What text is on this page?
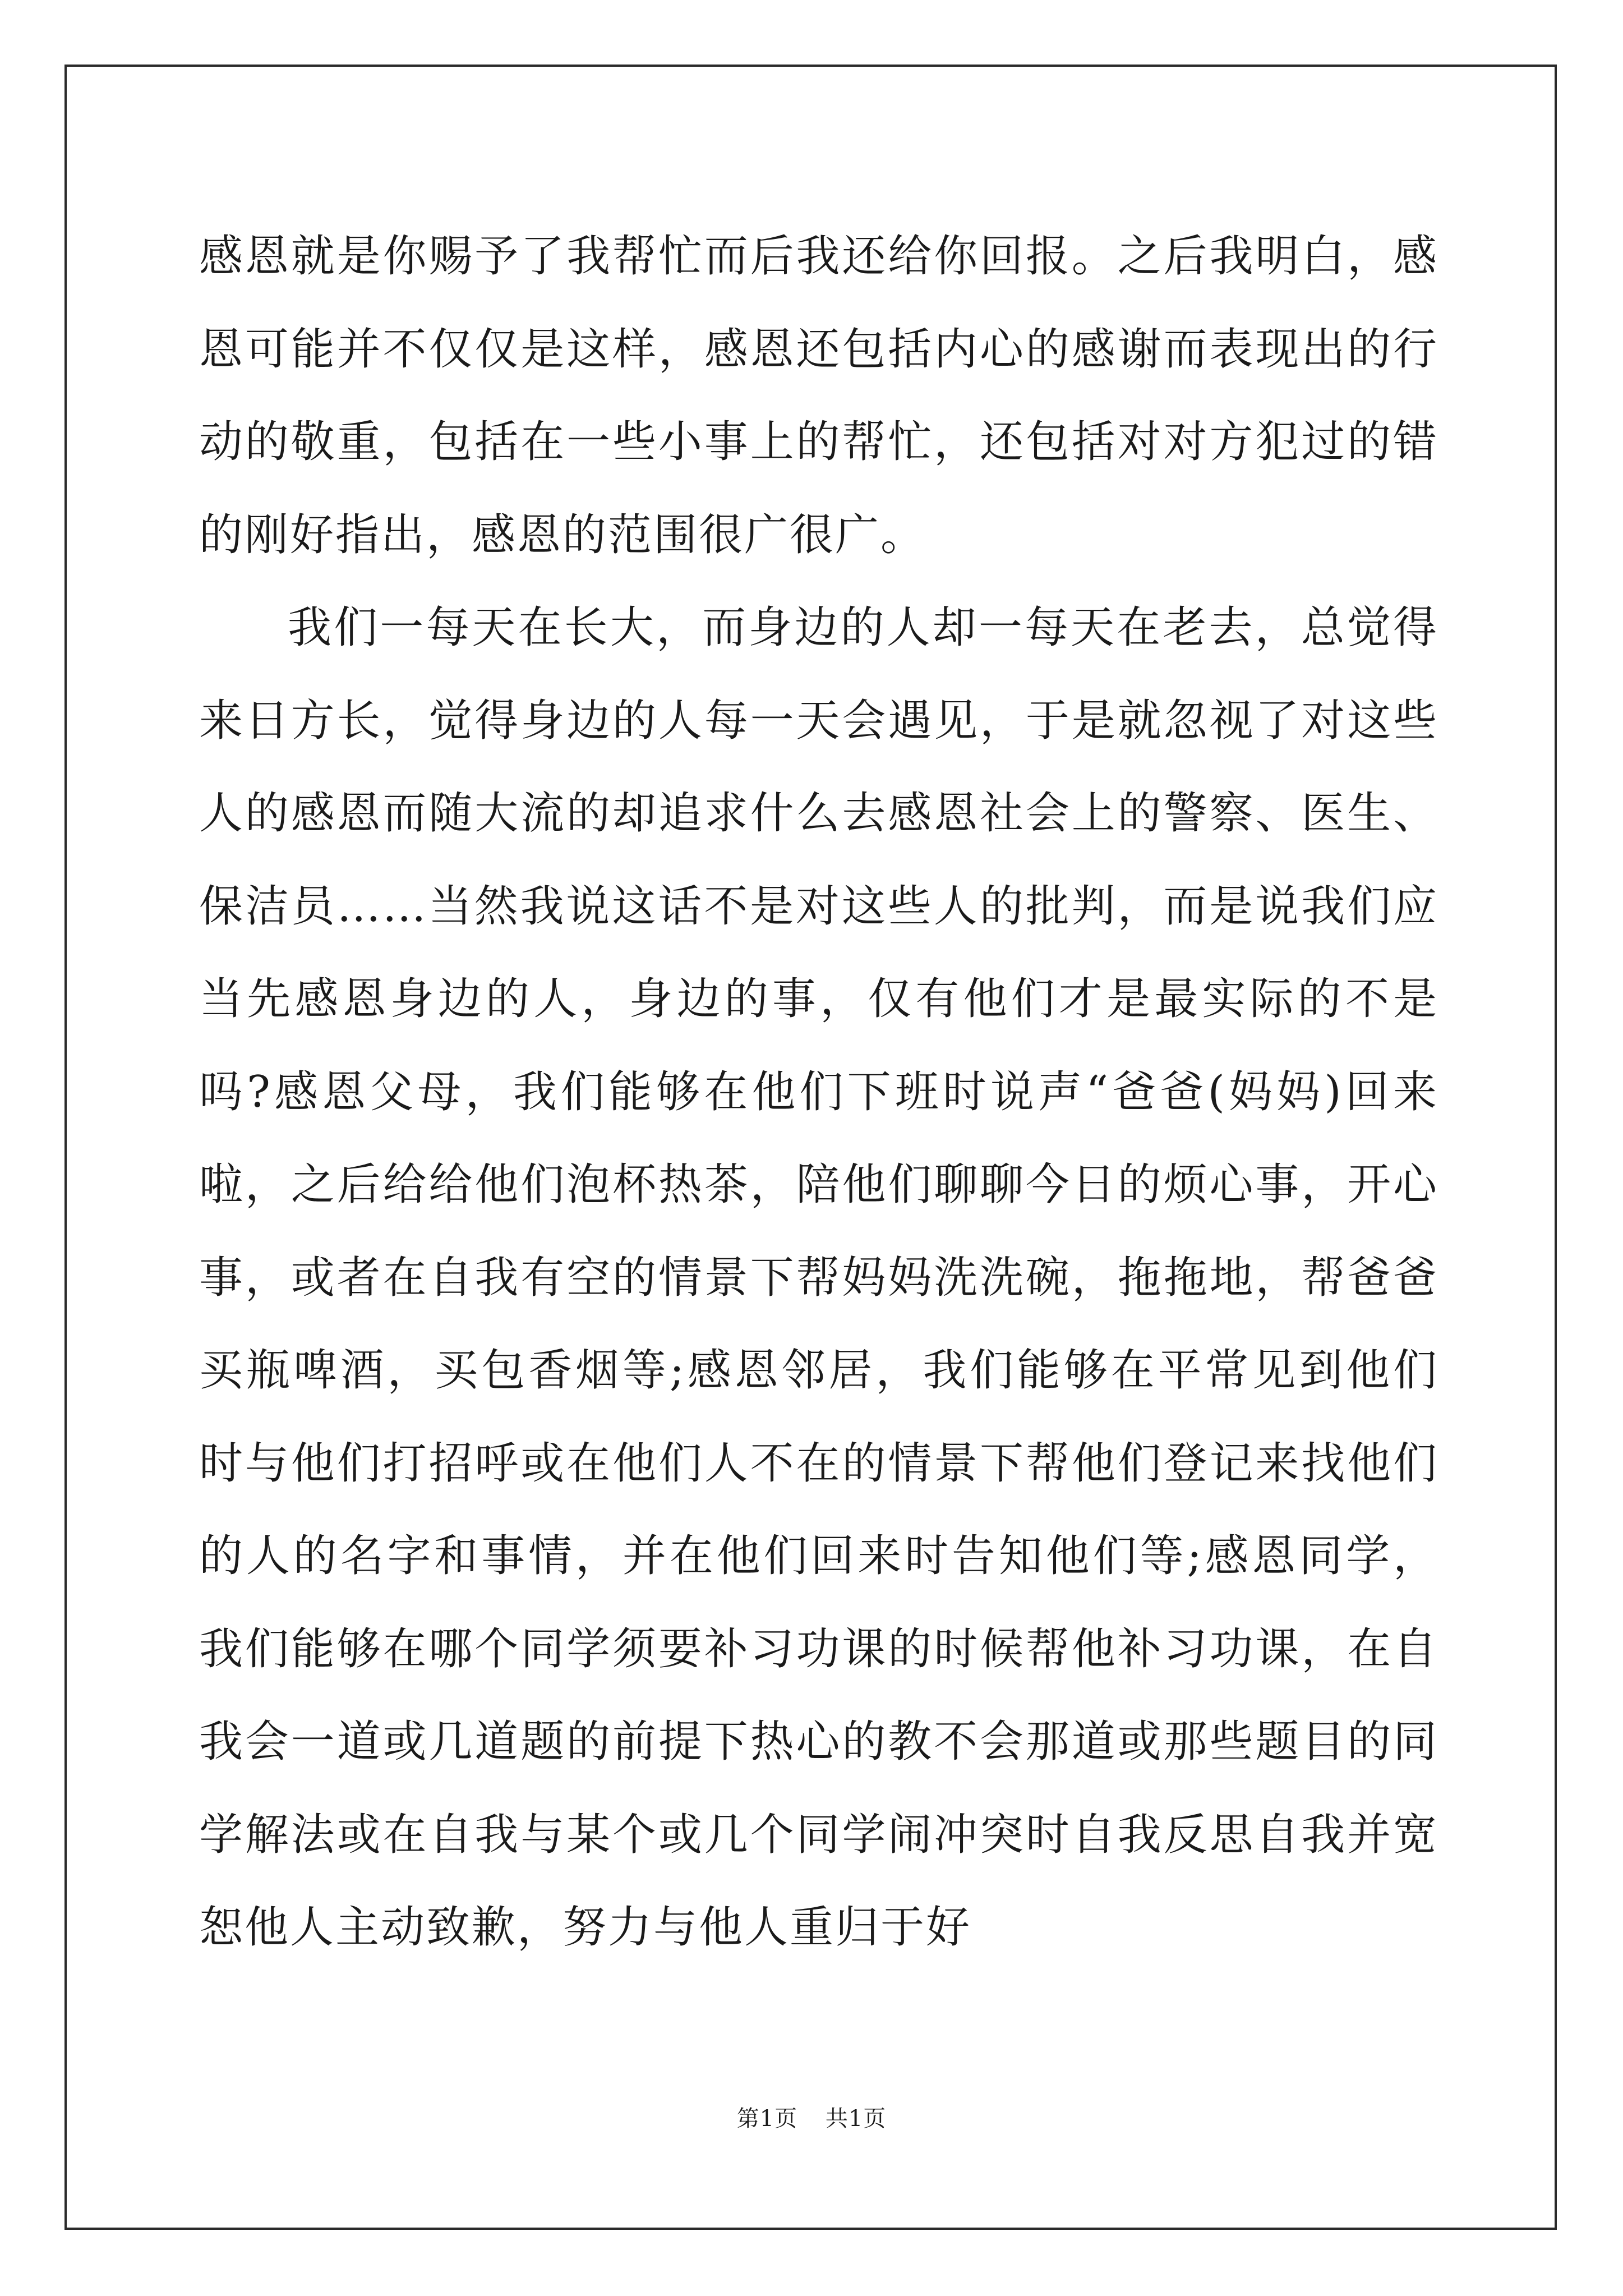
感恩就是你赐予了我帮忙而后我还给你回报。之后我明白，感恩可能并不仅仅是这样，感恩还包括内心的感谢而表现出的行动的敬重，包括在一些小事上的帮忙，还包括对对方犯过的错的刚好指出，感恩的范围很广很广。

我们一每天在长大，而身边的人却一每天在老去，总觉得来日方长，觉得身边的人每一天会遇见，于是就忽视了对这些人的感恩而随大流的却追求什么去感恩社会上的警察、医生、保洁员……当然我说这话不是对这些人的批判，而是说我们应当先感恩身边的人，身边的事，仅有他们才是最实际的不是吗?感恩父母，我们能够在他们下班时说声“爸爸(妈妈)回来啦，之后给给他们泡杯热茶，陪他们聊聊今日的烦心事，开心事，或者在自我有空的情景下帮妈妈洗洗碗，拖拖地，帮爸爸买瓶啤酒，买包香烟等;感恩邻居，我们能够在平常见到他们时与他们打招呼或在他们人不在的情景下帮他们登记来找他们的人的名字和事情，并在他们回来时告知他们等;感恩同学，我们能够在哪个同学须要补习功课的时候帮他补习功课，在自我会一道或几道题的前提下热心的教不会那道或那些题目的同学解法或在自我与某个或几个同学闹冲突时自我反思自我并宽恕他人主动致歉，努力与他人重归于好

第1页 共1页
